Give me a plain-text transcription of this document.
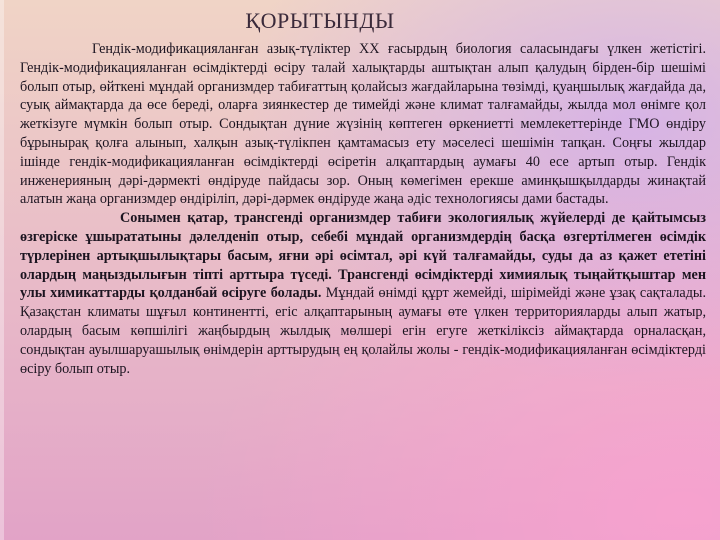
ҚОРЫТЫНДЫ

Гендік-модификацияланған азық-түліктер ХХ ғасырдың биология саласындағы үлкен жетістігі. Гендік-модификацияланған өсімдіктерді өсіру талай халықтарды аштықтан алып қалудың бірден-бір шешімі болып отыр, өйткені мұндай организмдер табиғаттың қолайсыз жағдайларына төзімді, қуаңшылық жағдайда да, суық аймақтарда да өсе береді, оларға зиянкестер де тимейді және климат талғамайды, жылда мол өнімге қол жеткізуге мүмкін болып отыр. Сондықтан дүние жүзінің көптеген өркениетті мемлекеттерінде ГМО өндіру бұрынырақ қолға алынып, халқын азық-түлікпен қамтамасыз ету мәселесі шешімін тапқан. Соңғы жылдар ішінде гендік-модификацияланған өсімдіктерді өсіретін алқаптардың аумағы 40 есе артып отыр. Гендік инженерияның дәрі-дәрмекті өндіруде пайдасы зор. Оның көмегімен ерекше аминқышқылдарды жинақтай алатын жаңа организмдер өндіріліп, дәрі-дәрмек өндіруде жаңа әдіс технологиясы дами бастады.

Сонымен қатар, трансгенді организмдер табиғи экологиялық жүйелерді де қайтымсыз өзгеріске ұшырататыны дәлелденіп отыр, себебі мұндай организмдердің басқа өзгертілмеген өсімдік түрлерінен артықшылықтары басым, яғни әрі өсімтал, әрі күй талғамайды, суды да аз қажет ететіні олардың маңыздылығын тіпті арттыра түседі. Трансгенді өсімдіктерді химиялық тыңайтқыштар мен улы химикаттарды қолданбай өсіруге болады. Мұндай өнімді құрт жемейді, шірімейді және ұзақ сақталады. Қазақстан климаты шұғыл континентті, егіс алқаптарының аумағы өте үлкен территорияларды алып жатыр, олардың басым көпшілігі жаңбырдың жылдық мөлшері егін егуге жеткіліксіз аймақтарда орналасқан, сондықтан ауылшаруашылық өнімдерін арттырудың ең қолайлы жолы - гендік-модификацияланған өсімдіктерді өсіру болып отыр.
